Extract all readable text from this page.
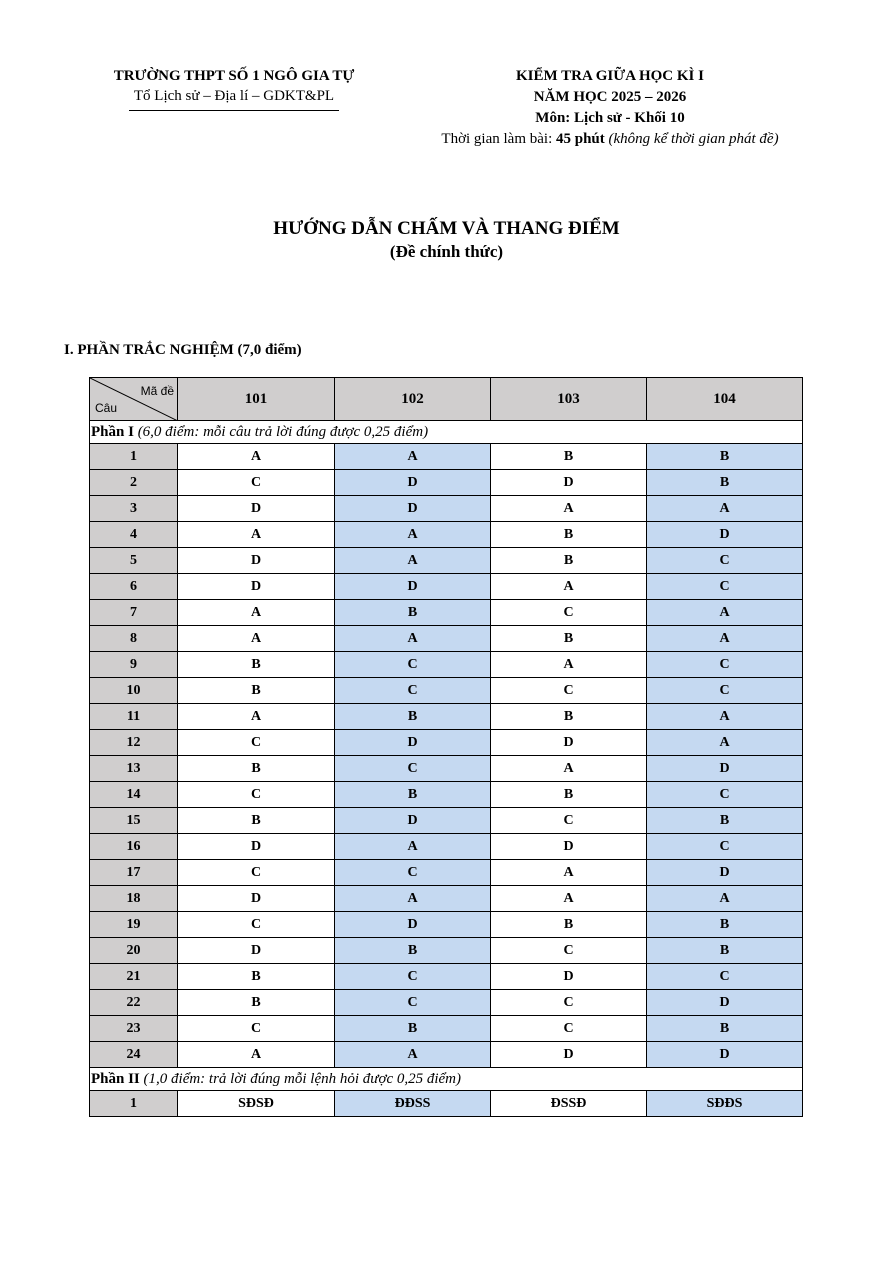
TRƯỜNG THPT SỐ 1 NGÔ GIA TỰ
Tổ Lịch sử – Địa lí – GDKT&PL
KIỂM TRA GIỮA HỌC KÌ I
NĂM HỌC 2025 – 2026
Môn: Lịch sử - Khối 10
Thời gian làm bài: 45 phút (không kể thời gian phát đề)
HƯỚNG DẪN CHẤM VÀ THANG ĐIỂM
(Đề chính thức)
I. PHẦN TRẮC NGHIỆM (7,0 điểm)
Mã đề
Câu	101	102	103	104
Phần I (6,0 điểm: mỗi câu trả lời đúng được 0,25 điểm)				
1	A	A	B	B
2	C	D	D	B
3	D	D	A	A
4	A	A	B	D
5	D	A	B	C
6	D	D	A	C
7	A	B	C	A
8	A	A	B	A
9	B	C	A	C
10	B	C	C	C
11	A	B	B	A
12	C	D	D	A
13	B	C	A	D
14	C	B	B	C
15	B	D	C	B
16	D	A	D	C
17	C	C	A	D
18	D	A	A	A
19	C	D	B	B
20	D	B	C	B
21	B	C	D	C
22	B	C	C	D
23	C	B	C	B
24	A	A	D	D
Phần II (1,0 điểm: trả lời đúng mỗi lệnh hỏi được 0,25 điểm)				
1	SĐSĐ	ĐĐSS	ĐSSĐ	SĐĐS
